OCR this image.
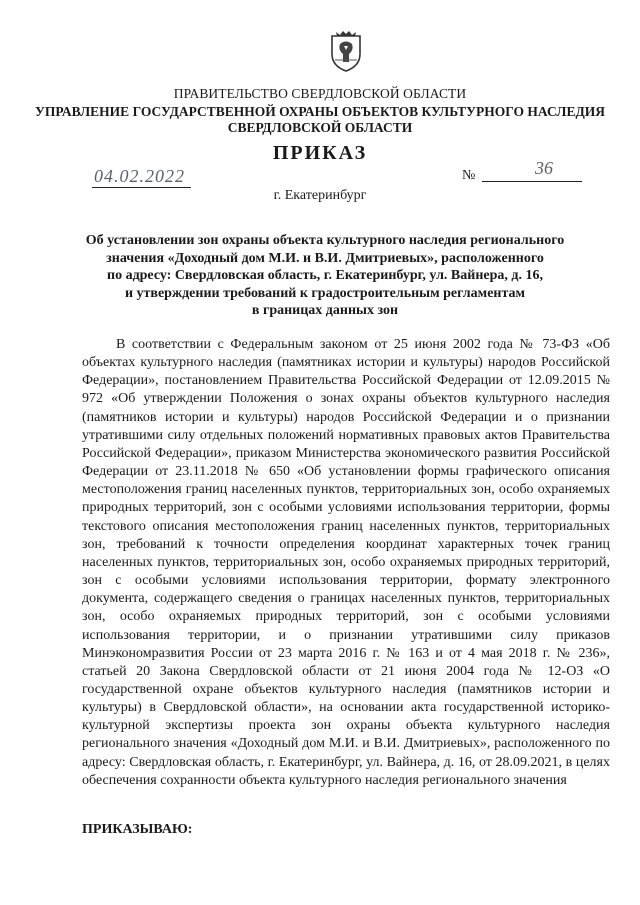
ПРАВИТЕЛЬСТВО СВЕРДЛОВСКОЙ ОБЛАСТИ
УПРАВЛЕНИЕ ГОСУДАРСТВЕННОЙ ОХРАНЫ ОБЪЕКТОВ КУЛЬТУРНОГО НАСЛЕДИЯ
СВЕРДЛОВСКОЙ ОБЛАСТИ
ПРИКАЗ
04.02.2022	№	36
г. Екатеринбург
Об установлении зон охраны объекта культурного наследия регионального
значения «Доходный дом М.И. и В.И. Дмитриевых», расположенного
по адресу: Свердловская область, г. Екатеринбург, ул. Вайнера, д. 16,
и утверждении требований к градостроительным регламентам
в границах данных зон

В соответствии с Федеральным законом от 25 июня 2002 года № 73-ФЗ «Об объектах культурного наследия (памятниках истории и культуры) народов Российской Федерации», постановлением Правительства Российской Федерации от 12.09.2015 № 972 «Об утверждении Положения о зонах охраны объектов культурного наследия (памятников истории и культуры) народов Российской Федерации и о признании утратившими силу отдельных положений нормативных правовых актов Правительства Российской Федерации», приказом Министерства экономического развития Российской Федерации от 23.11.2018 № 650 «Об установлении формы графического описания местоположения границ населенных пунктов, территориальных зон, особо охраняемых природных территорий, зон с особыми условиями использования территории, формы текстового описания местоположения границ населенных пунктов, территориальных зон, требований к точности определения координат характерных точек границ населенных пунктов, территориальных зон, особо охраняемых природных территорий, зон с особыми условиями использования территории, формату электронного документа, содержащего сведения о границах населенных пунктов, территориальных зон, особо охраняемых природных территорий, зон с особыми условиями использования территории, и о признании утратившими силу приказов Минэкономразвития России от 23 марта 2016 г. № 163 и от 4 мая 2018 г. № 236», статьей 20 Закона Свердловской области от 21 июня 2004 года № 12-ОЗ «О государственной охране объектов культурного наследия (памятников истории и культуры) в Свердловской области», на основании акта государственной историко-культурной экспертизы проекта зон охраны объекта культурного наследия регионального значения «Доходный дом М.И. и В.И. Дмитриевых», расположенного по адресу: Свердловская область, г. Екатеринбург, ул. Вайнера, д. 16, от 28.09.2021, в целях обеспечения сохранности объекта культурного наследия регионального значения

ПРИКАЗЫВАЮ:
